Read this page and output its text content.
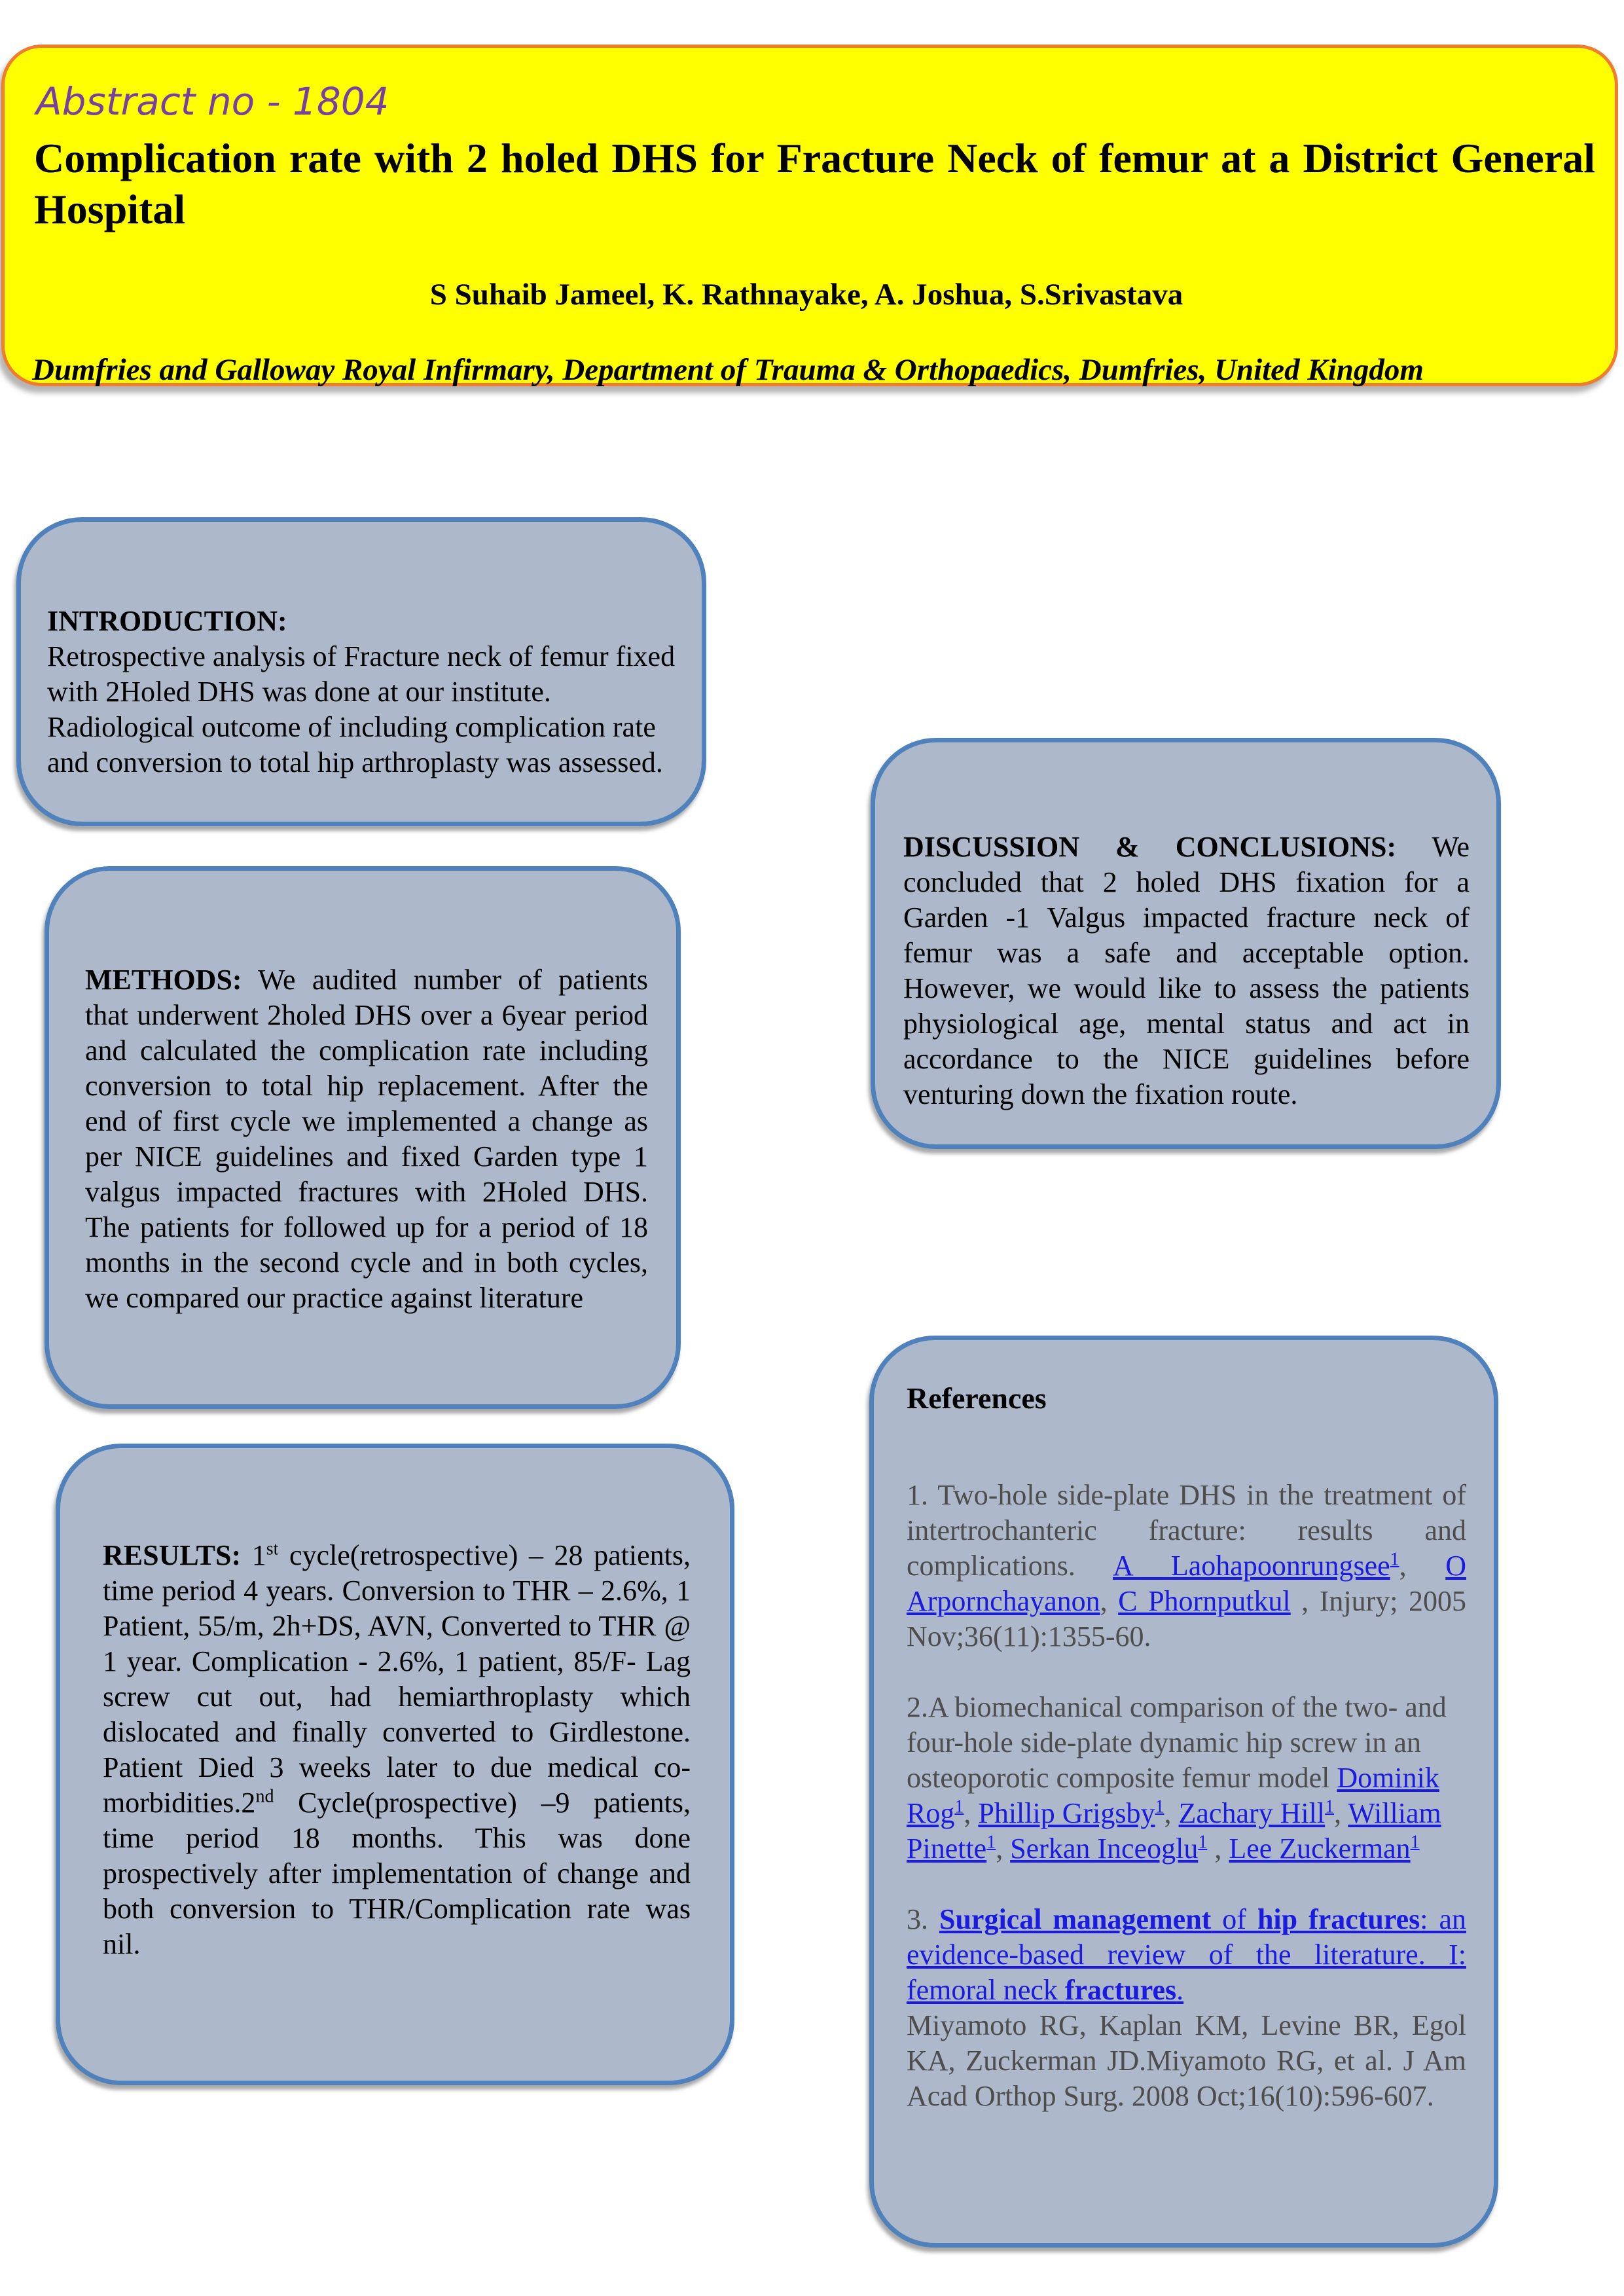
Abstract no - 1804
Complication rate with 2 holed DHS for Fracture Neck of femur at a District General Hospital
S Suhaib Jameel, K. Rathnayake, A. Joshua, S.Srivastava
Dumfries and Galloway Royal Infirmary, Department of Trauma & Orthopaedics, Dumfries, United Kingdom
INTRODUCTION:
Retrospective analysis of Fracture neck of femur fixed with 2Holed DHS was done at our institute. Radiological outcome of including complication rate and conversion to total hip arthroplasty was assessed.
METHODS: We audited number of patients that underwent 2holed DHS over a 6year period and calculated the complication rate including conversion to total hip replacement. After the end of first cycle we implemented a change as per NICE guidelines and fixed Garden type 1 valgus impacted fractures with 2Holed DHS. The patients for followed up for a period of 18 months in the second cycle and in both cycles, we compared our practice against literature
RESULTS: 1st cycle(retrospective) – 28 patients, time period 4 years. Conversion to THR – 2.6%, 1 Patient, 55/m, 2h+DS, AVN, Converted to THR @ 1 year. Complication - 2.6%, 1 patient, 85/F- Lag screw cut out, had hemiarthroplasty which dislocated and finally converted to Girdlestone. Patient Died 3 weeks later to due medical co-morbidities.2nd Cycle(prospective) –9 patients, time period 18 months. This was done prospectively after implementation of change and both conversion to THR/Complication rate was nil.
DISCUSSION & CONCLUSIONS: We concluded that 2 holed DHS fixation for a Garden -1 Valgus impacted fracture neck of femur was a safe and acceptable option. However, we would like to assess the patients physiological age, mental status and act in accordance to the NICE guidelines before venturing down the fixation route.
References
1. Two-hole side-plate DHS in the treatment of intertrochanteric fracture: results and complications. A Laohapoonrungsee$^1$, O Arpornchayanon, C Phornputkul , Injury; 2005 Nov;36(11):1355-60.
2.A biomechanical comparison of the two- and four-hole side-plate dynamic hip screw in an osteoporotic composite femur model Dominik Rog$^1$, Phillip Grigsby$^1$, Zachary Hill$^1$, William Pinette$^1$, Serkan Inceoglu$^1$ , Lee Zuckerman$^1$
3. Surgical management of hip fractures: an evidence-based review of the literature. I: femoral neck fractures.
Miyamoto RG, Kaplan KM, Levine BR, Egol KA, Zuckerman JD.Miyamoto RG, et al. J Am Acad Orthop Surg. 2008 Oct;16(10):596-607.
